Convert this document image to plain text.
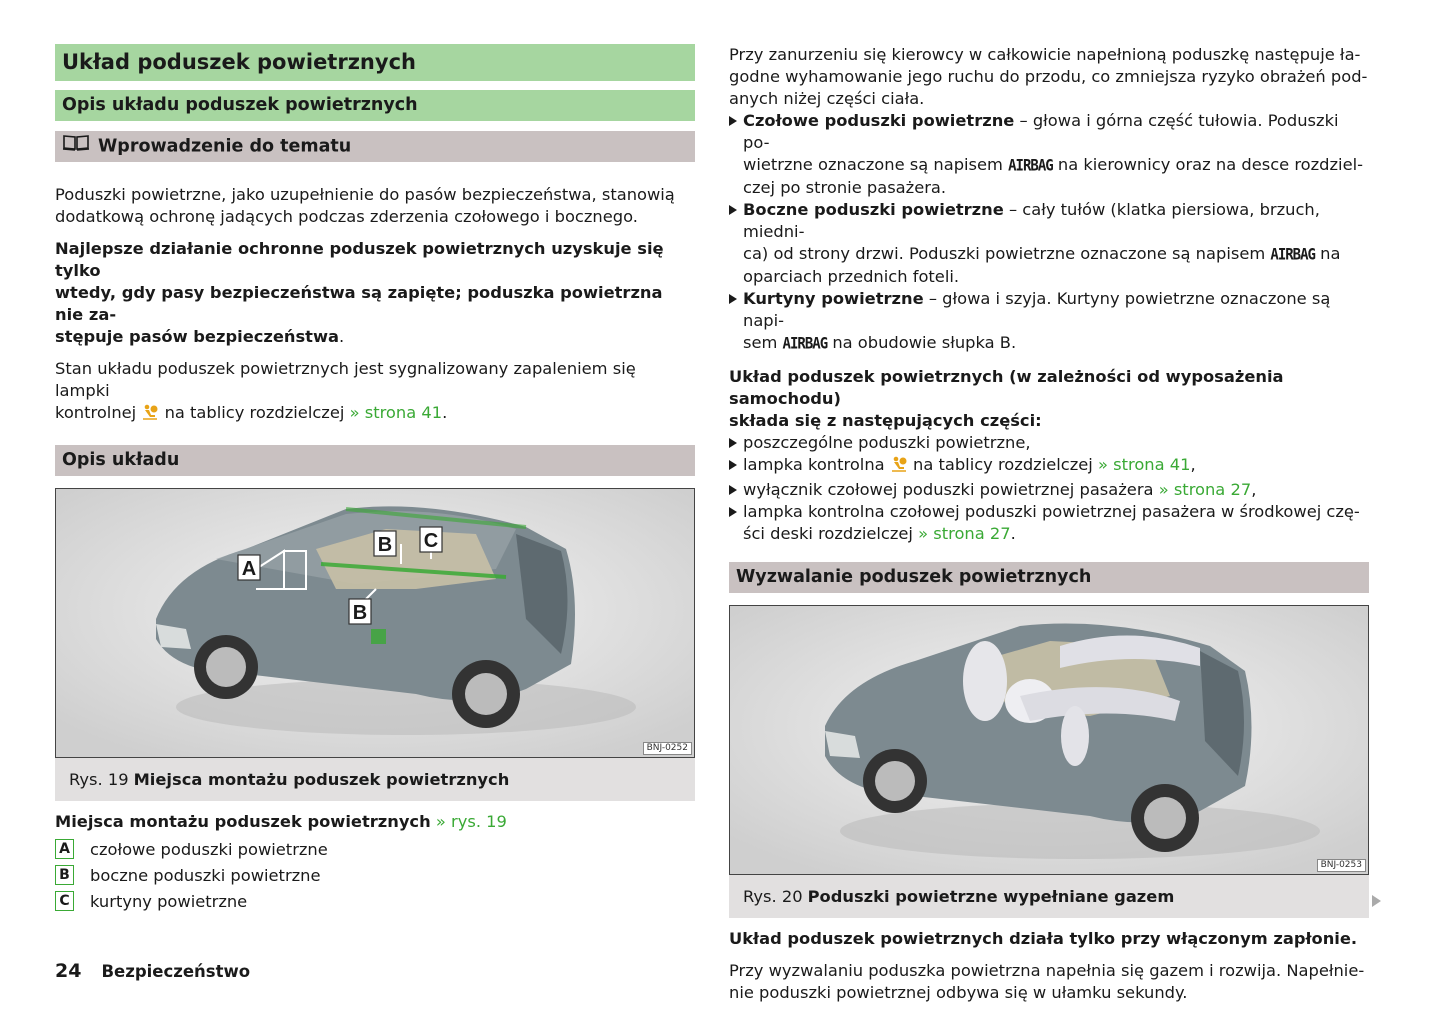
Układ poduszek powietrznych
Opis układu poduszek powietrznych
Wprowadzenie do tematu

Poduszki powietrzne, jako uzupełnienie do pasów bezpieczeństwa, stanowią dodatkową ochronę jadących podczas zderzenia czołowego i bocznego.

Najlepsze działanie ochronne poduszek powietrznych uzyskuje się tylko
wtedy, gdy pasy bezpieczeństwa są zapięte; poduszka powietrzna nie za-
stępuje pasów bezpieczeństwa.
Stan układu poduszek powietrznych jest sygnalizowany zapaleniem się lampki
kontrolnej na tablicy rozdzielczej » strona 41.
Opis układu
A
B
B C
BNJ-0252
Rys. 19 Miejsca montażu poduszek powietrznych
Miejsca montażu poduszek powietrznych » rys. 19
A czołowe poduszki powietrzne
B boczne poduszki powietrzne
C kurtyny powietrzne
Przy zanurzeniu się kierowcy w całkowicie napełnioną poduszkę następuje ła-
godne wyhamowanie jego ruchu do przodu, co zmniejsza ryzyko obrażeń pod-
anych niżej części ciała.
Czołowe poduszki powietrzne – głowa i górna część tułowia. Poduszki po-
wietrzne oznaczone są napisem AIRBAG na kierownicy oraz na desce rozdziel-
czej po stronie pasażera.
Boczne poduszki powietrzne – cały tułów (klatka piersiowa, brzuch, miedni-
ca) od strony drzwi. Poduszki powietrzne oznaczone są napisem AIRBAG na
oparciach przednich foteli.
Kurtyny powietrzne – głowa i szyja. Kurtyny powietrzne oznaczone są napi-
sem AIRBAG na obudowie słupka B.
Układ poduszek powietrznych (w zależności od wyposażenia samochodu)
składa się z następujących części:
poszczególne poduszki powietrzne,
lampka kontrolna na tablicy rozdzielczej » strona 41,
wyłącznik czołowej poduszki powietrznej pasażera » strona 27,
lampka kontrolna czołowej poduszki powietrznej pasażera w środkowej czę-
ści deski rozdzielczej » strona 27.
Wyzwalanie poduszek powietrznych
BNJ-0253
Rys. 20 Poduszki powietrzne wypełniane gazem
Układ poduszek powietrznych działa tylko przy włączonym zapłonie.
Przy wyzwalaniu poduszka powietrzna napełnia się gazem i rozwija. Napełnie-
nie poduszki powietrznej odbywa się w ułamku sekundy.
24 Bezpieczeństwo
